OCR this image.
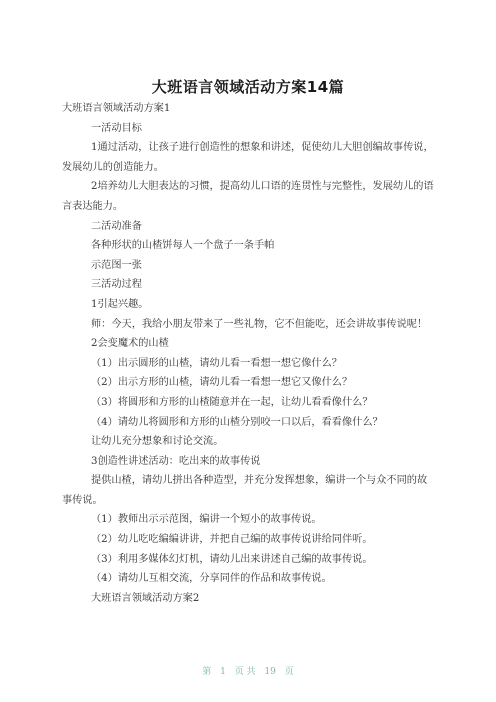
大班语言领域活动方案14篇

大班语言领域活动方案1

一活动目标

1通过活动，让孩子进行创造性的想象和讲述，促使幼儿大胆创编故事传说，发展幼儿的创造能力。

2培养幼儿大胆表达的习惯，提高幼儿口语的连贯性与完整性，发展幼儿的语言表达能力。

二活动准备

各种形状的山楂饼每人一个盘子一条手帕

示范图一张

三活动过程

1引起兴趣。

师：今天，我给小朋友带来了一些礼物，它不但能吃，还会讲故事传说呢！

2会变魔术的山楂

（1）出示圆形的山楂，请幼儿看一看想一想它像什么？

（2）出示方形的山楂，请幼儿看一看想一想它又像什么？

（3）将圆形和方形的山楂随意并在一起，让幼儿看看像什么？

（4）请幼儿将圆形和方形的山楂分别咬一口以后，看看像什么？

让幼儿充分想象和讨论交流。

3创造性讲述活动：吃出来的故事传说

提供山楂，请幼儿拼出各种造型，并充分发挥想象，编讲一个与众不同的故事传说。

（1）教师出示示范图，编讲一个短小的故事传说。

（2）幼儿吃吃编编讲讲，并把自己编的故事传说讲给同伴听。

（3）利用多媒体幻灯机，请幼儿出来讲述自己编的故事传说。

（4）请幼儿互相交流，分享同伴的作品和故事传说。

大班语言领域活动方案2

第 1 页 共 19 页
